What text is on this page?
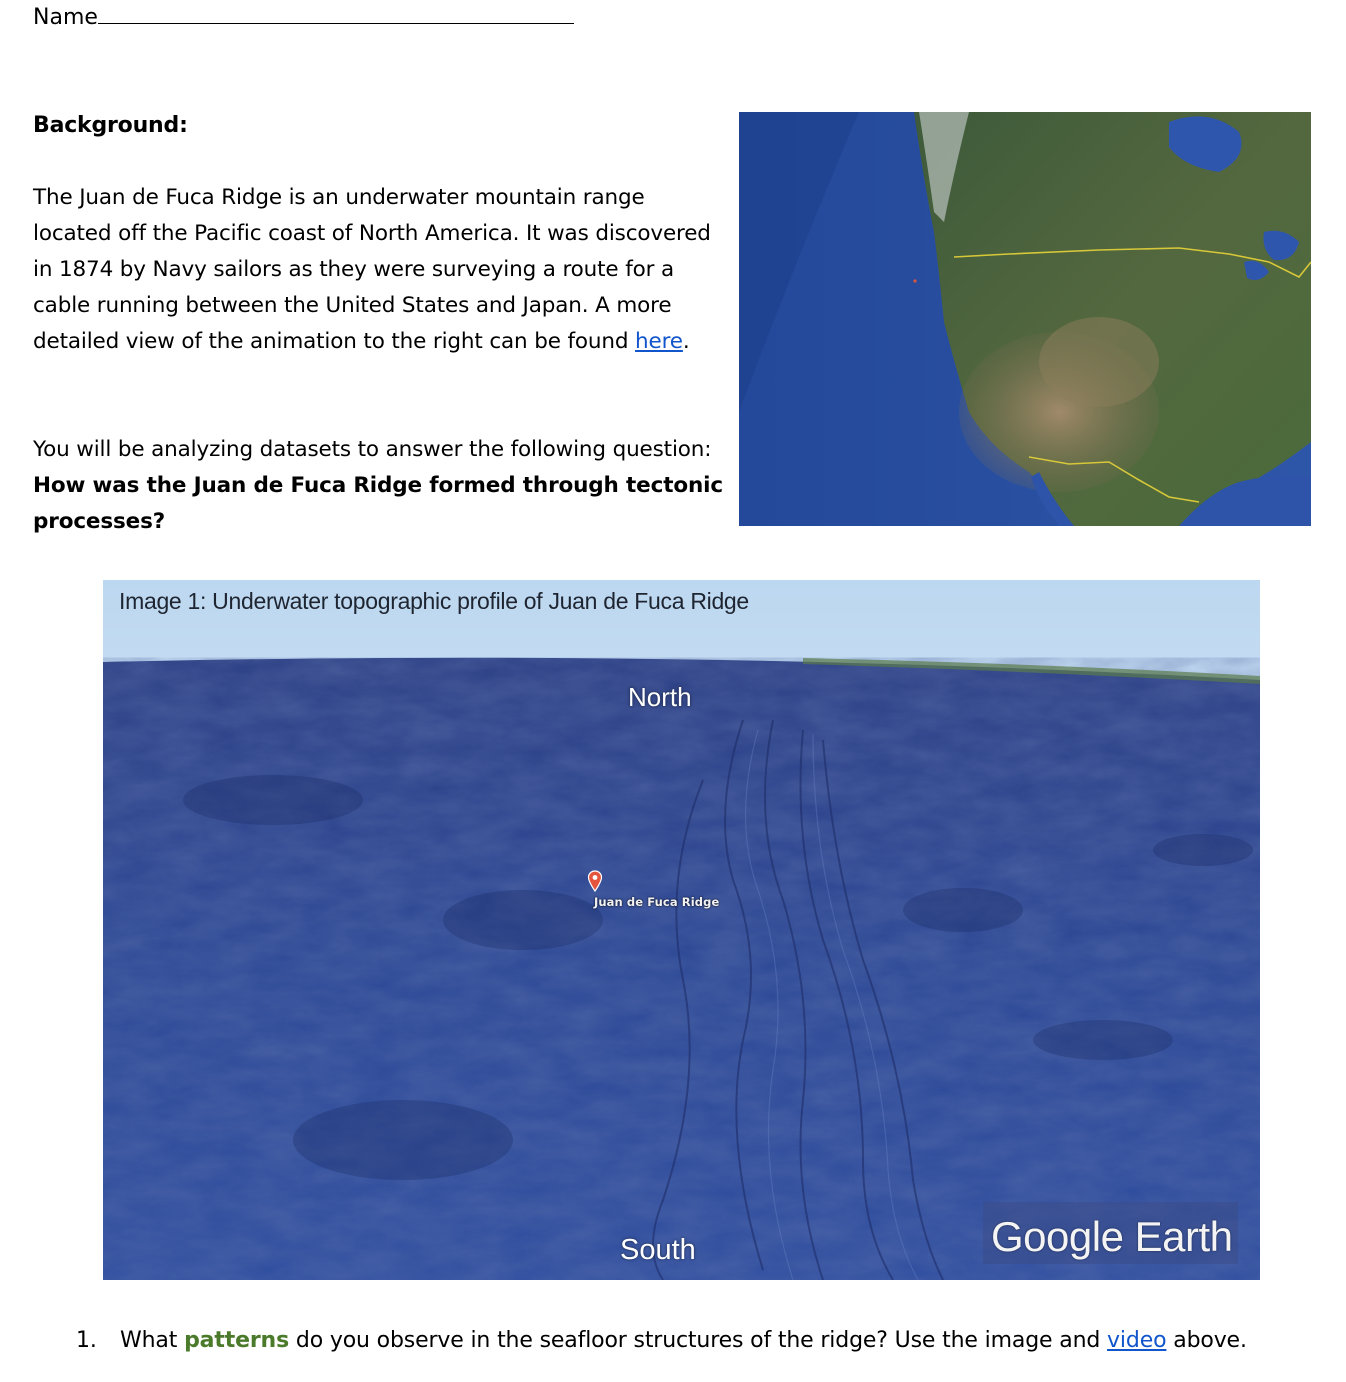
Name
Background:
The Juan de Fuca Ridge is an underwater mountain range located off the Pacific coast of North America. It was discovered in 1874 by Navy sailors as they were surveying a route for a cable running between the United States and Japan. A more detailed view of the animation to the right can be found here.
You will be analyzing datasets to answer the following question: How was the Juan de Fuca Ridge formed through tectonic processes?
Image 1: Underwater topographic profile of Juan de Fuca Ridge
North
South
Juan de Fuca Ridge
Google Earth
1. What patterns do you observe in the seafloor structures of the ridge? Use the image and video above.
